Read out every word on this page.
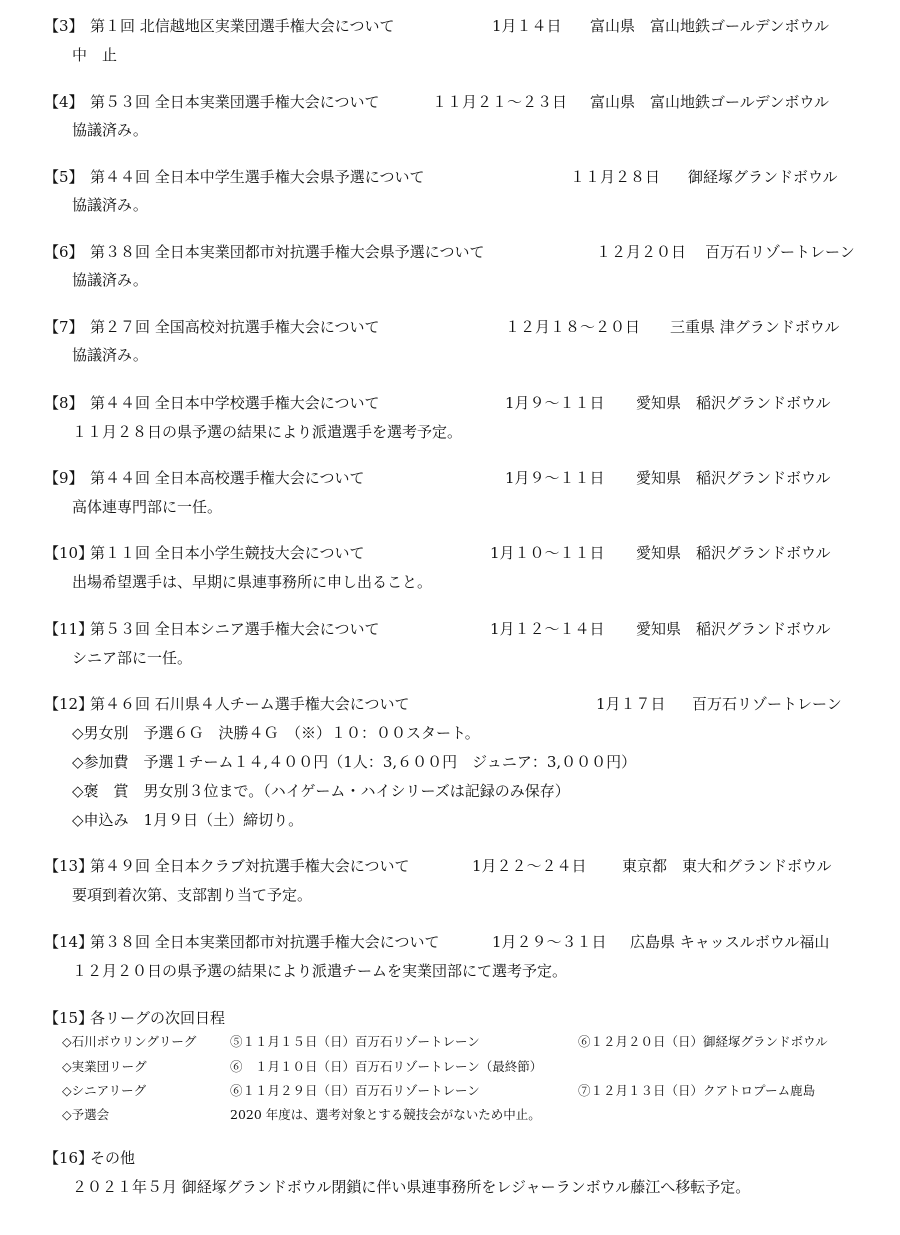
【3】 第１回 北信越地区実業団選手権大会について	1月１４日 富山県　富山地鉄ゴールデンボウル
中　止
【4】 第５３回 全日本実業団選手権大会について	１１月２１～２３日 富山県　富山地鉄ゴールデンボウル
協議済み。
【5】 第４４回 全日本中学生選手権大会県予選について	１１月２８日 御経塚グランドボウル
協議済み。
【6】 第３８回 全日本実業団都市対抗選手権大会県予選について	１２月２０日 百万石リゾートレーン
協議済み。
【7】 第２７回 全国高校対抗選手権大会について	１２月１８～２０日 三重県 津グランドボウル
協議済み。
【8】 第４４回 全日本中学校選手権大会について	1月９～１１日 愛知県　稲沢グランドボウル
１１月２８日の県予選の結果により派遣選手を選考予定。
【9】 第４４回 全日本高校選手権大会について	1月９～１１日 愛知県　稲沢グランドボウル
高体連専門部に一任。
【10】
第１１回 全日本小学生競技大会について	1月１０～１１日 愛知県　稲沢グランドボウル
出場希望選手は、早期に県連事務所に申し出ること。
【11】
第５３回 全日本シニア選手権大会について	1月１２～１４日 愛知県　稲沢グランドボウル
シニア部に一任。
【12】
第４６回 石川県４人チーム選手権大会について	1月１７日 百万石リゾートレーン
◇男女別　予選６Ｇ　決勝４Ｇ　（※）１０：００スタート。
◇参加費　予選１チーム１４,４００円（1人：3,６００円　ジュニア：3,０００円）
◇褒　賞　男女別３位まで。（ハイゲーム・ハイシリーズは記録のみ保存）
◇申込み　1月９日（土）締切り。
【13】
第４９回 全日本クラブ対抗選手権大会について	1月２２～２４日 東京都　東大和グランドボウル
要項到着次第、支部割り当て予定。
【14】
第３８回 全日本実業団都市対抗選手権大会について	1月２９～３１日 広島県 キャッスルボウル福山
１２月２０日の県予選の結果により派遣チームを実業団部にて選考予定。
【15】
各リーグの次回日程
◇石川ボウリングリーグ	⑤１１月１５日（日）百万石リゾートレーン	⑥１２月２０日（日）御経塚グランドボウル
◇実業団リーグ	⑥　１月１０日（日）百万石リゾートレーン（最終節）
◇シニアリーグ	⑥１１月２９日（日）百万石リゾートレーン	⑦１２月１３日（日）クアトロプーム鹿島
◇予選会	2020 年度は、選考対象とする競技会がないため中止。
【16】
その他
２０２１年５月 御経塚グランドボウル閉鎖に伴い県連事務所をレジャーランボウル藤江へ移転予定。
